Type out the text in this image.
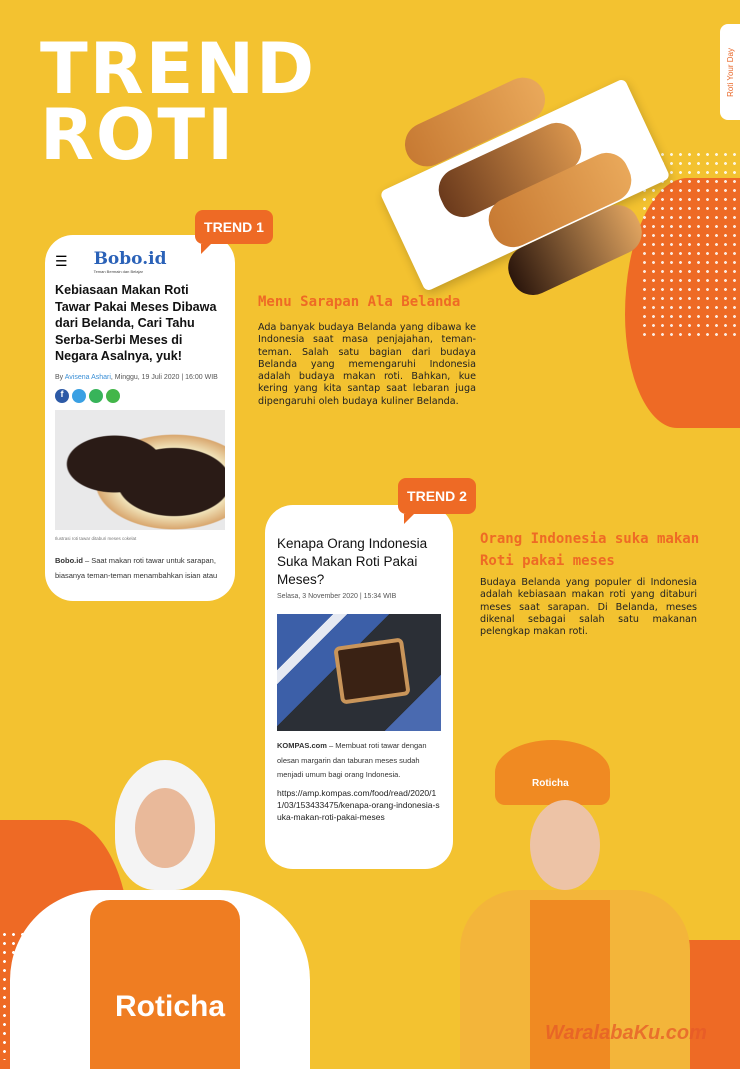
TREND
ROTI
Roti Your Day
☰ Bobo.id
Teman Bermain dan Belajar
Kebiasaan Makan Roti Tawar Pakai Meses Dibawa dari Belanda, Cari Tahu Serba-Serbi Meses di Negara Asalnya, yuk!
By Avisena Ashari, Minggu, 19 Juli 2020 | 16:00 WIB
f
Ilustrasi roti tawar ditaburi meses cokelat
Bobo.id – Saat makan roti tawar untuk sarapan, biasanya teman-teman menambahkan isian atau
TREND 1
Menu Sarapan Ala Belanda
Ada banyak budaya Belanda yang dibawa ke Indonesia saat masa penjajahan, teman-teman. Salah satu bagian dari budaya Belanda yang memengaruhi Indonesia adalah budaya makan roti. Bahkan, kue kering yang kita santap saat lebaran juga dipengaruhi oleh budaya kuliner Belanda.
Kenapa Orang Indonesia Suka Makan Roti Pakai Meses?
Selasa, 3 November 2020 | 15:34 WIB
KOMPAS.com – Membuat roti tawar dengan olesan margarin dan taburan meses sudah menjadi umum bagi orang Indonesia.
https://amp.kompas.com/food/read/2020/11/03/153433475/kenapa-orang-indonesia-suka-makan-roti-pakai-meses
TREND 2
Orang Indonesia suka makan Roti pakai meses
Budaya Belanda yang populer di Indonesia adalah kebiasaan makan roti yang ditaburi meses saat sarapan. Di Belanda, meses dikenal sebagai salah satu makanan pelengkap makan roti.
Roticha
Roticha
WaralabaKu.com
